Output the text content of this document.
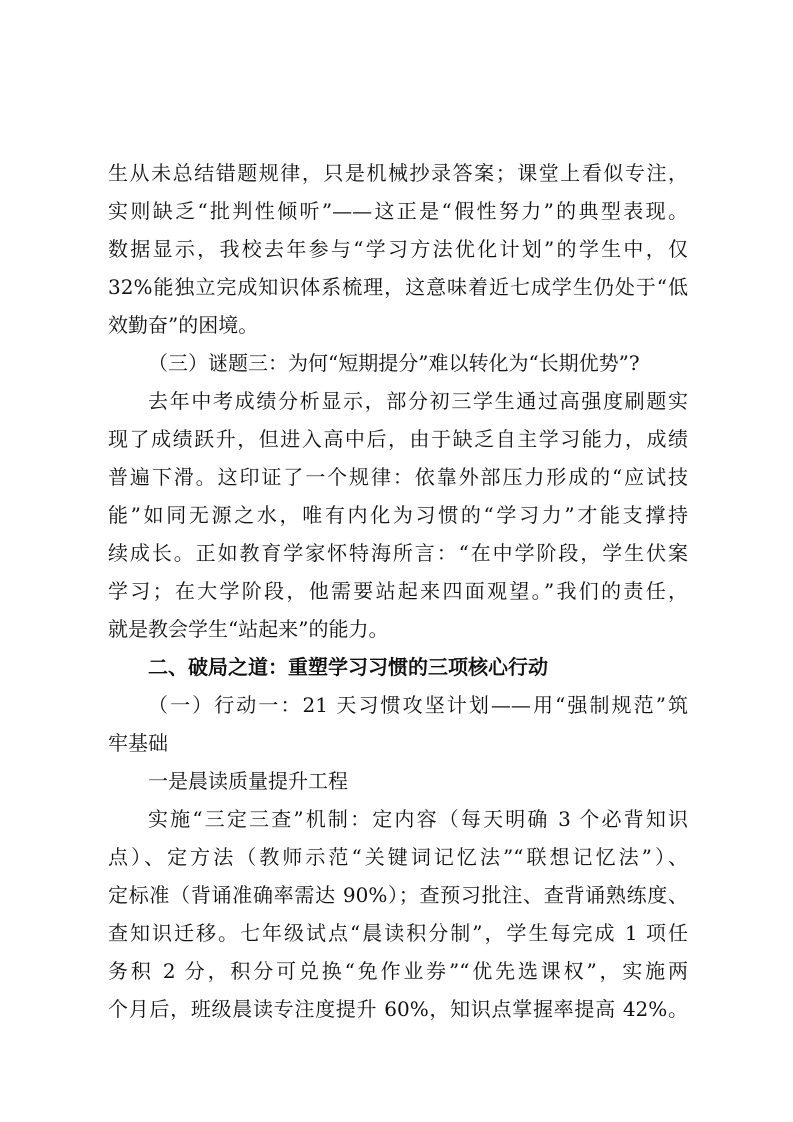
生从未总结错题规律，只是机械抄录答案；课堂上看似专注，
实则缺乏“批判性倾听”——这正是“假性努力”的典型表现。
数据显示，我校去年参与“学习方法优化计划”的学生中，仅
32%能独立完成知识体系梳理，这意味着近七成学生仍处于“低
效勤奋”的困境。
（三）谜题三：为何“短期提分”难以转化为“长期优势”?
去年中考成绩分析显示，部分初三学生通过高强度刷题实
现了成绩跃升，但进入高中后，由于缺乏自主学习能力，成绩
普遍下滑。这印证了一个规律：依靠外部压力形成的“应试技
能”如同无源之水，唯有内化为习惯的“学习力”才能支撑持
续成长。正如教育学家怀特海所言：“在中学阶段，学生伏案
学习；在大学阶段，他需要站起来四面观望。”我们的责任，
就是教会学生“站起来”的能力。
二、破局之道：重塑学习习惯的三项核心行动
（一）行动一：21 天习惯攻坚计划——用“强制规范”筑
牢基础
一是晨读质量提升工程
实施“三定三查”机制：定内容（每天明确 3 个必背知识
点）、定方法（教师示范“关键词记忆法”“联想记忆法”）、
定标准（背诵准确率需达 90%）；查预习批注、查背诵熟练度、
查知识迁移。七年级试点“晨读积分制”，学生每完成 1 项任
务积 2 分，积分可兑换“免作业券”“优先选课权”，实施两
个月后，班级晨读专注度提升 60%，知识点掌握率提高 42%。
